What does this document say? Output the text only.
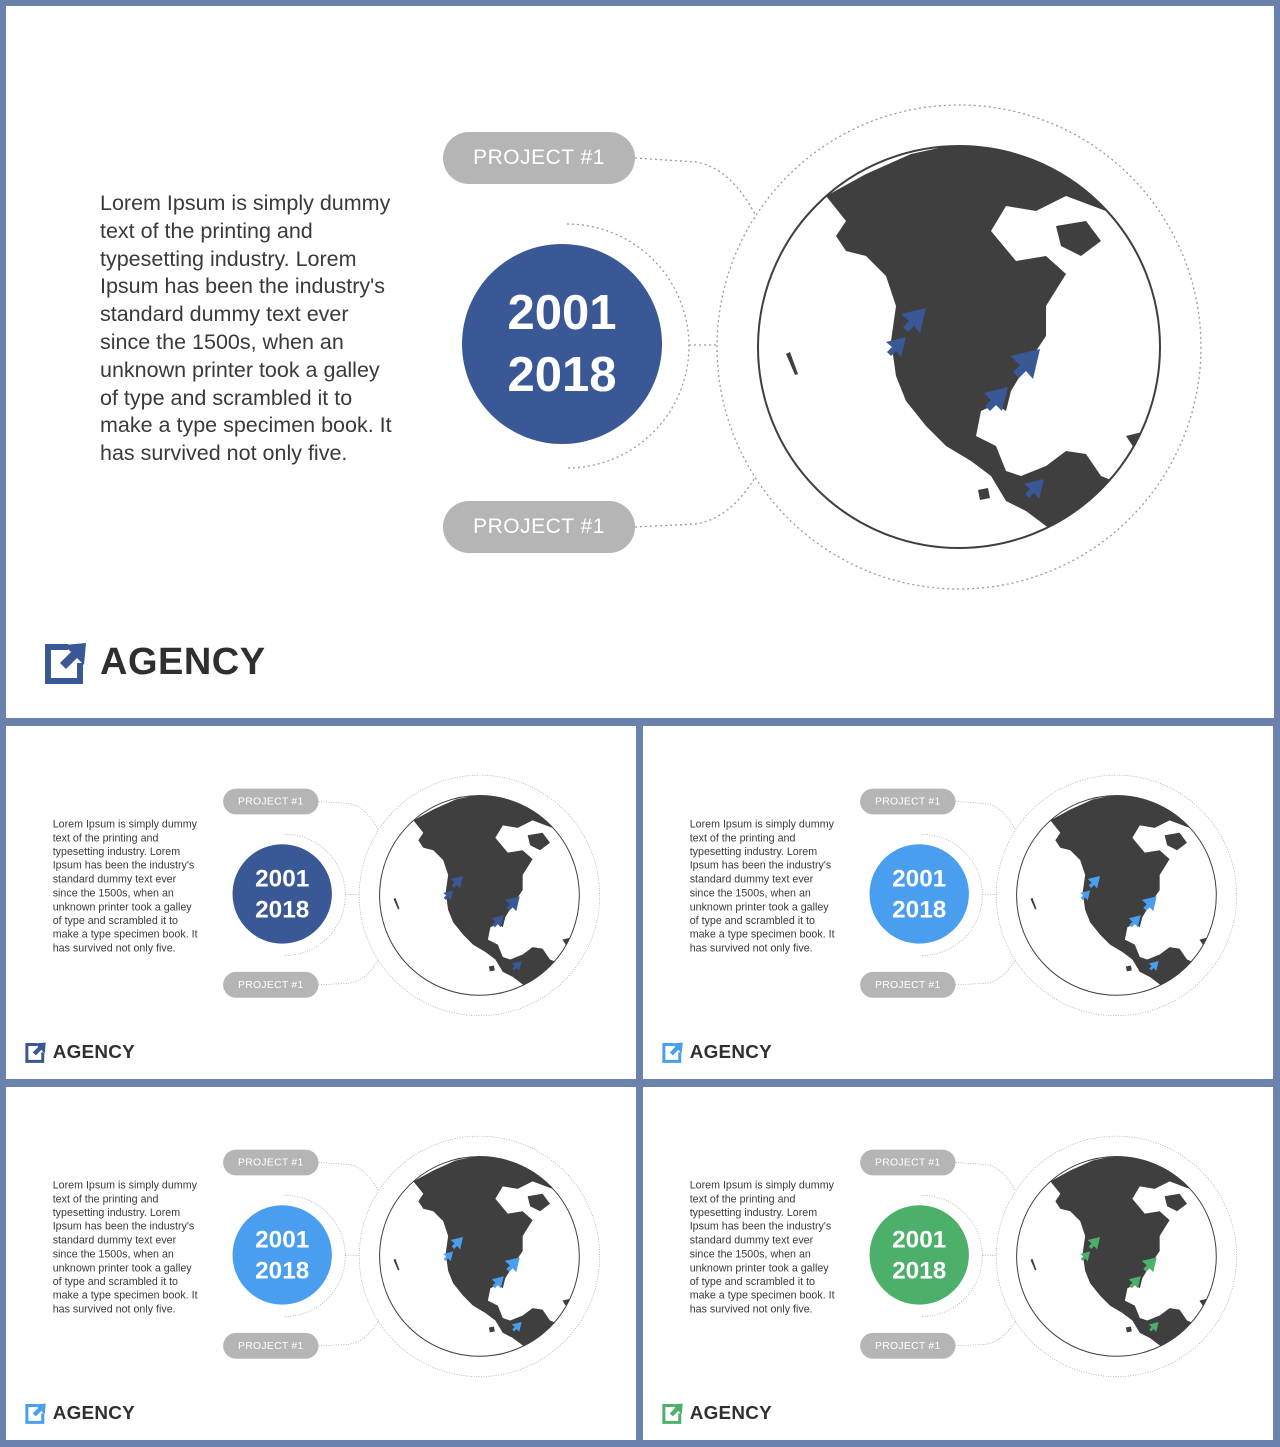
Lorem Ipsum is simply dummy text of the printing and typesetting industry. Lorem Ipsum has been the industry's standard dummy text ever since the 1500s, when an unknown printer took a galley of type and scrambled it to make a type specimen book. It has survived not only five.

PROJECT #1
PROJECT #1
2001
2018
AGENCY

Lorem Ipsum is simply dummy text of the printing and typesetting industry. Lorem Ipsum has been the industry's standard dummy text ever since the 1500s, when an unknown printer took a galley of type and scrambled it to make a type specimen book. It has survived not only five.

PROJECT #1
PROJECT #1
2001
2018
AGENCY

Lorem Ipsum is simply dummy text of the printing and typesetting industry. Lorem Ipsum has been the industry's standard dummy text ever since the 1500s, when an unknown printer took a galley of type and scrambled it to make a type specimen book. It has survived not only five.

PROJECT #1
PROJECT #1
2001
2018
AGENCY

Lorem Ipsum is simply dummy text of the printing and typesetting industry. Lorem Ipsum has been the industry's standard dummy text ever since the 1500s, when an unknown printer took a galley of type and scrambled it to make a type specimen book. It has survived not only five.

PROJECT #1
PROJECT #1
2001
2018
AGENCY

Lorem Ipsum is simply dummy text of the printing and typesetting industry. Lorem Ipsum has been the industry's standard dummy text ever since the 1500s, when an unknown printer took a galley of type and scrambled it to make a type specimen book. It has survived not only five.

PROJECT #1
PROJECT #1
2001
2018
AGENCY
